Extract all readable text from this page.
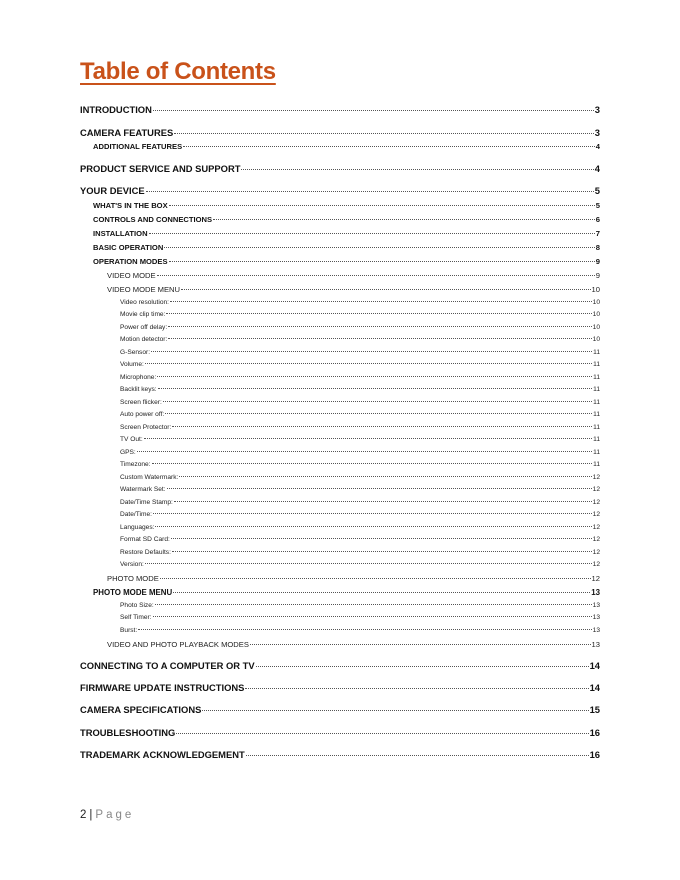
Table of Contents
INTRODUCTION	3
CAMERA FEATURES	3
ADDITIONAL FEATURES	4
PRODUCT SERVICE AND SUPPORT	4
YOUR DEVICE	5
WHAT'S IN THE BOX	5
CONTROLS AND CONNECTIONS	6
INSTALLATION	7
BASIC OPERATION	8
OPERATION MODES	9
VIDEO MODE	9
VIDEO MODE MENU	10
Video resolution:	10
Movie clip time:	10
Power off delay:	10
Motion detector:	10
G-Sensor:	11
Volume:	11
Microphone:	11
Backlit keys:	11
Screen flicker:	11
Auto power off:	11
Screen Protector:	11
TV Out:	11
GPS:	11
Timezone:	11
Custom Watermark:	12
Watermark Set:	12
Date/Time Stamp:	12
Date/Time:	12
Languages:	12
Format SD Card:	12
Restore Defaults:	12
Version:	12
PHOTO MODE	12
PHOTO MODE MENU	13
Photo Size:	13
Self Timer:	13
Burst:	13
VIDEO AND PHOTO PLAYBACK MODES	13
CONNECTING TO A COMPUTER OR TV	14
FIRMWARE UPDATE INSTRUCTIONS	14
CAMERA SPECIFICATIONS	15
TROUBLESHOOTING	16
TRADEMARK ACKNOWLEDGEMENT	16
2 | Page
